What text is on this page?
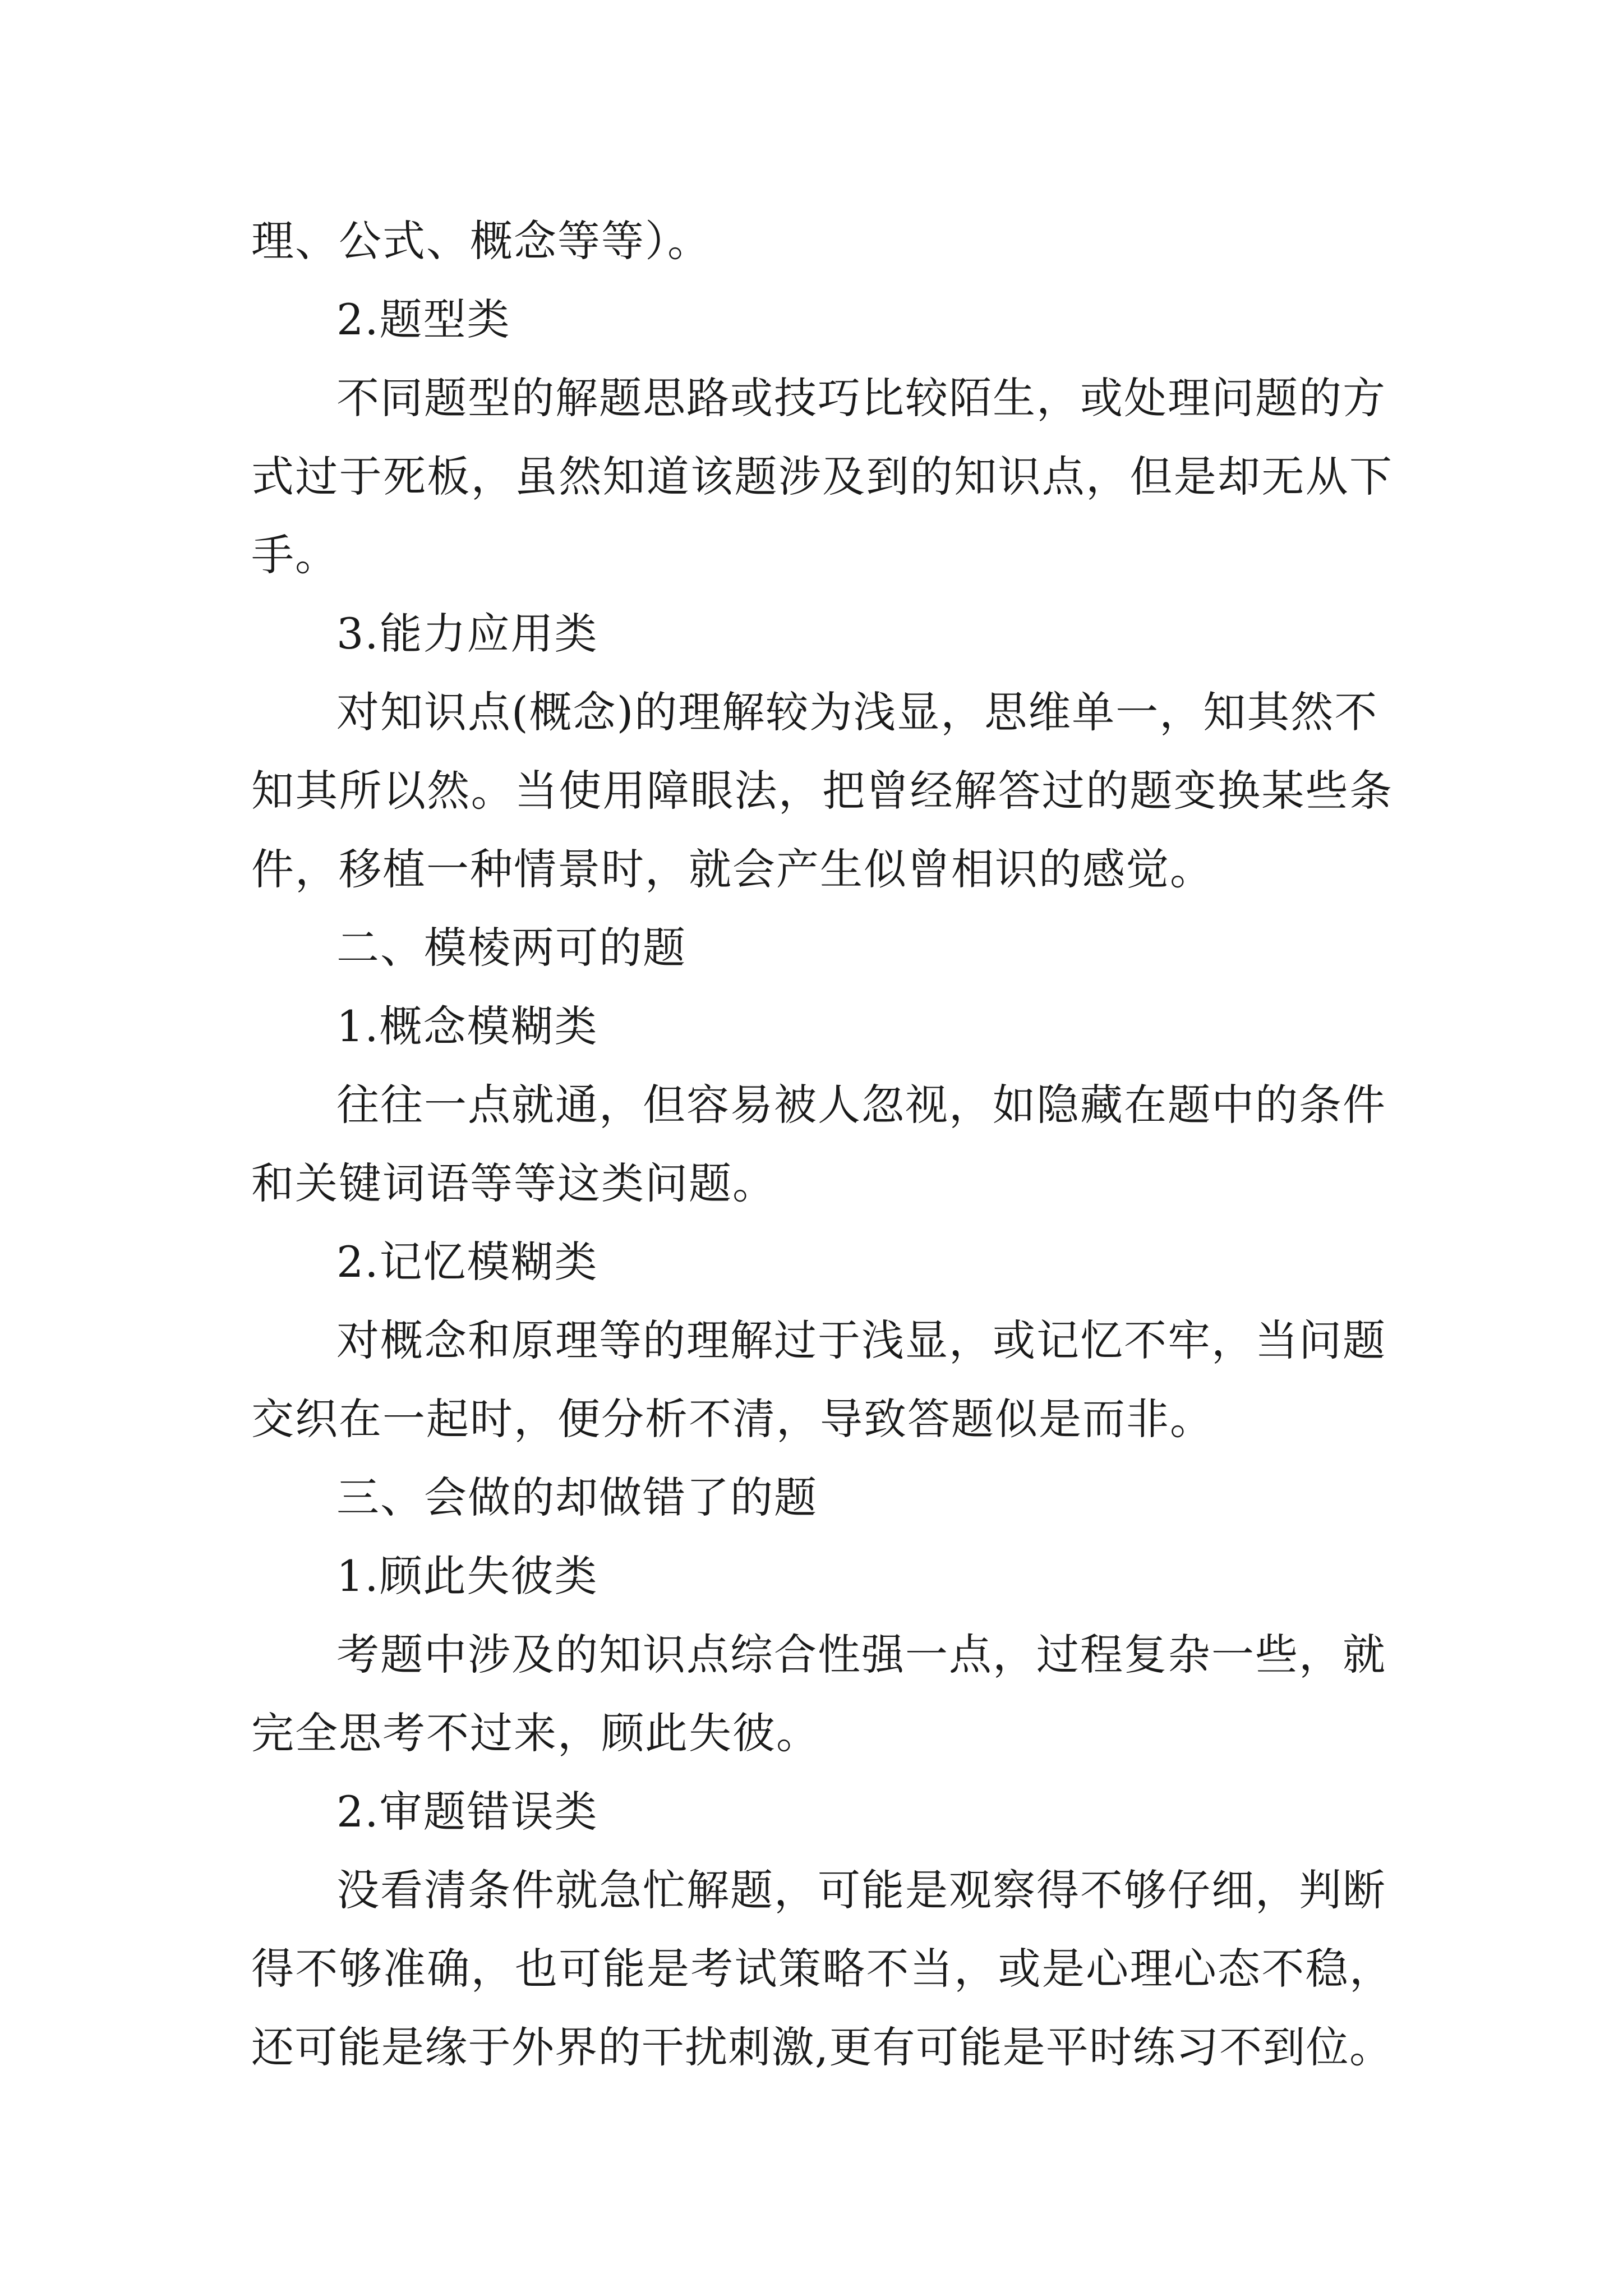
理、公式、概念等等）。

2.题型类

不同题型的解题思路或技巧比较陌生，或处理问题的方

式过于死板，虽然知道该题涉及到的知识点，但是却无从下

手。

3.能力应用类

对知识点(概念)的理解较为浅显，思维单一，知其然不

知其所以然。当使用障眼法，把曾经解答过的题变换某些条

件，移植一种情景时，就会产生似曾相识的感觉。

二、模棱两可的题

1.概念模糊类

往往一点就通，但容易被人忽视，如隐藏在题中的条件

和关键词语等等这类问题。

2.记忆模糊类

对概念和原理等的理解过于浅显，或记忆不牢，当问题

交织在一起时，便分析不清，导致答题似是而非。

三、会做的却做错了的题

1.顾此失彼类

考题中涉及的知识点综合性强一点，过程复杂一些，就

完全思考不过来，顾此失彼。

2.审题错误类

没看清条件就急忙解题，可能是观察得不够仔细，判断

得不够准确，也可能是考试策略不当，或是心理心态不稳，

还可能是缘于外界的干扰刺激,更有可能是平时练习不到位。
